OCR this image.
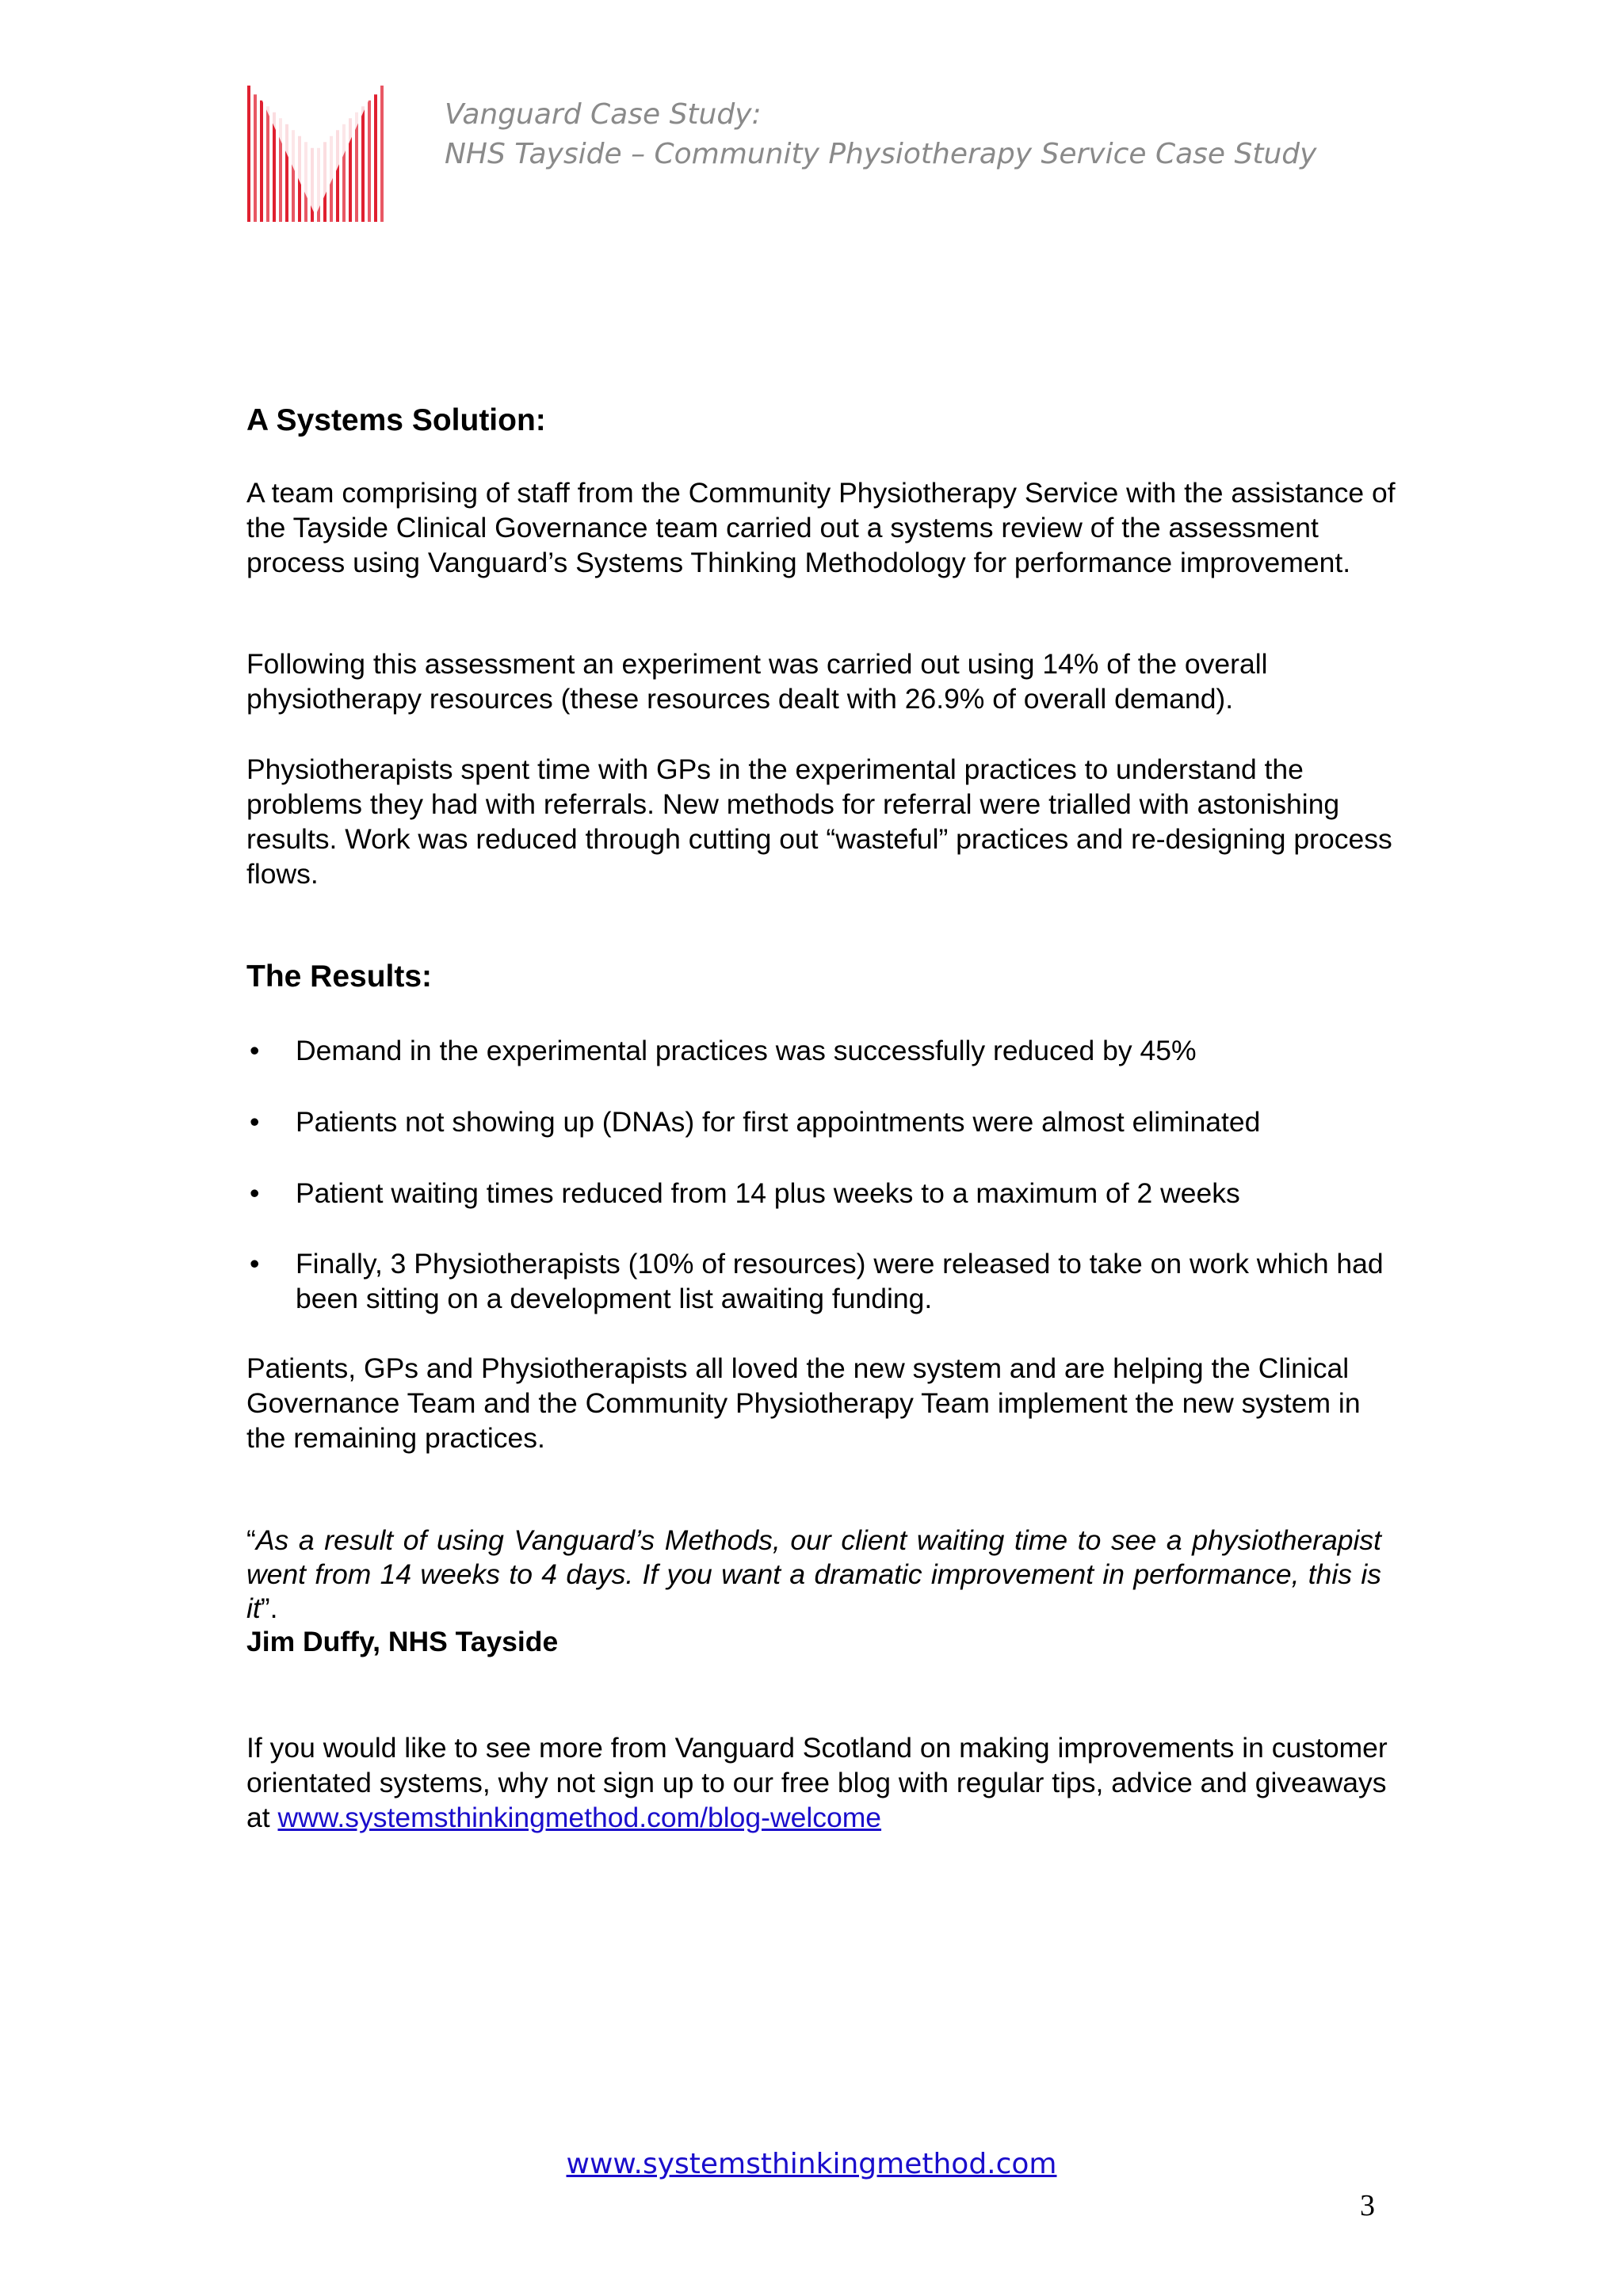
Vanguard Case Study:
NHS Tayside – Community Physiotherapy Service Case Study
A Systems Solution:

A team comprising of staff from the Community Physiotherapy Service with the assistance of the Tayside Clinical Governance team carried out a systems review of the assessment process using Vanguard’s Systems Thinking Methodology for performance improvement.

Following this assessment an experiment was carried out using 14% of the overall physiotherapy resources (these resources dealt with 26.9% of overall demand).

Physiotherapists spent time with GPs in the experimental practices to understand the problems they had with referrals. New methods for referral were trialled with astonishing results. Work was reduced through cutting out “wasteful” practices and re-designing process flows.

The Results:
•	Demand in the experimental practices was successfully reduced by 45%
•	Patients not showing up (DNAs) for first appointments were almost eliminated
•	Patient waiting times reduced from 14 plus weeks to a maximum of 2 weeks
•	Finally, 3 Physiotherapists (10% of resources) were released to take on work which had been sitting on a development list awaiting funding.

Patients, GPs and Physiotherapists all loved the new system and are helping the Clinical Governance Team and the Community Physiotherapy Team implement the new system in the remaining practices.

“As a result of using Vanguard’s Methods, our client waiting time to see a physiotherapist went from 14 weeks to 4 days. If you want a dramatic improvement in performance, this is it”.
Jim Duffy, NHS Tayside

If you would like to see more from Vanguard Scotland on making improvements in customer orientated systems, why not sign up to our free blog with regular tips, advice and giveaways at www.systemsthinkingmethod.com/blog-welcome

www.systemsthinkingmethod.com
3
